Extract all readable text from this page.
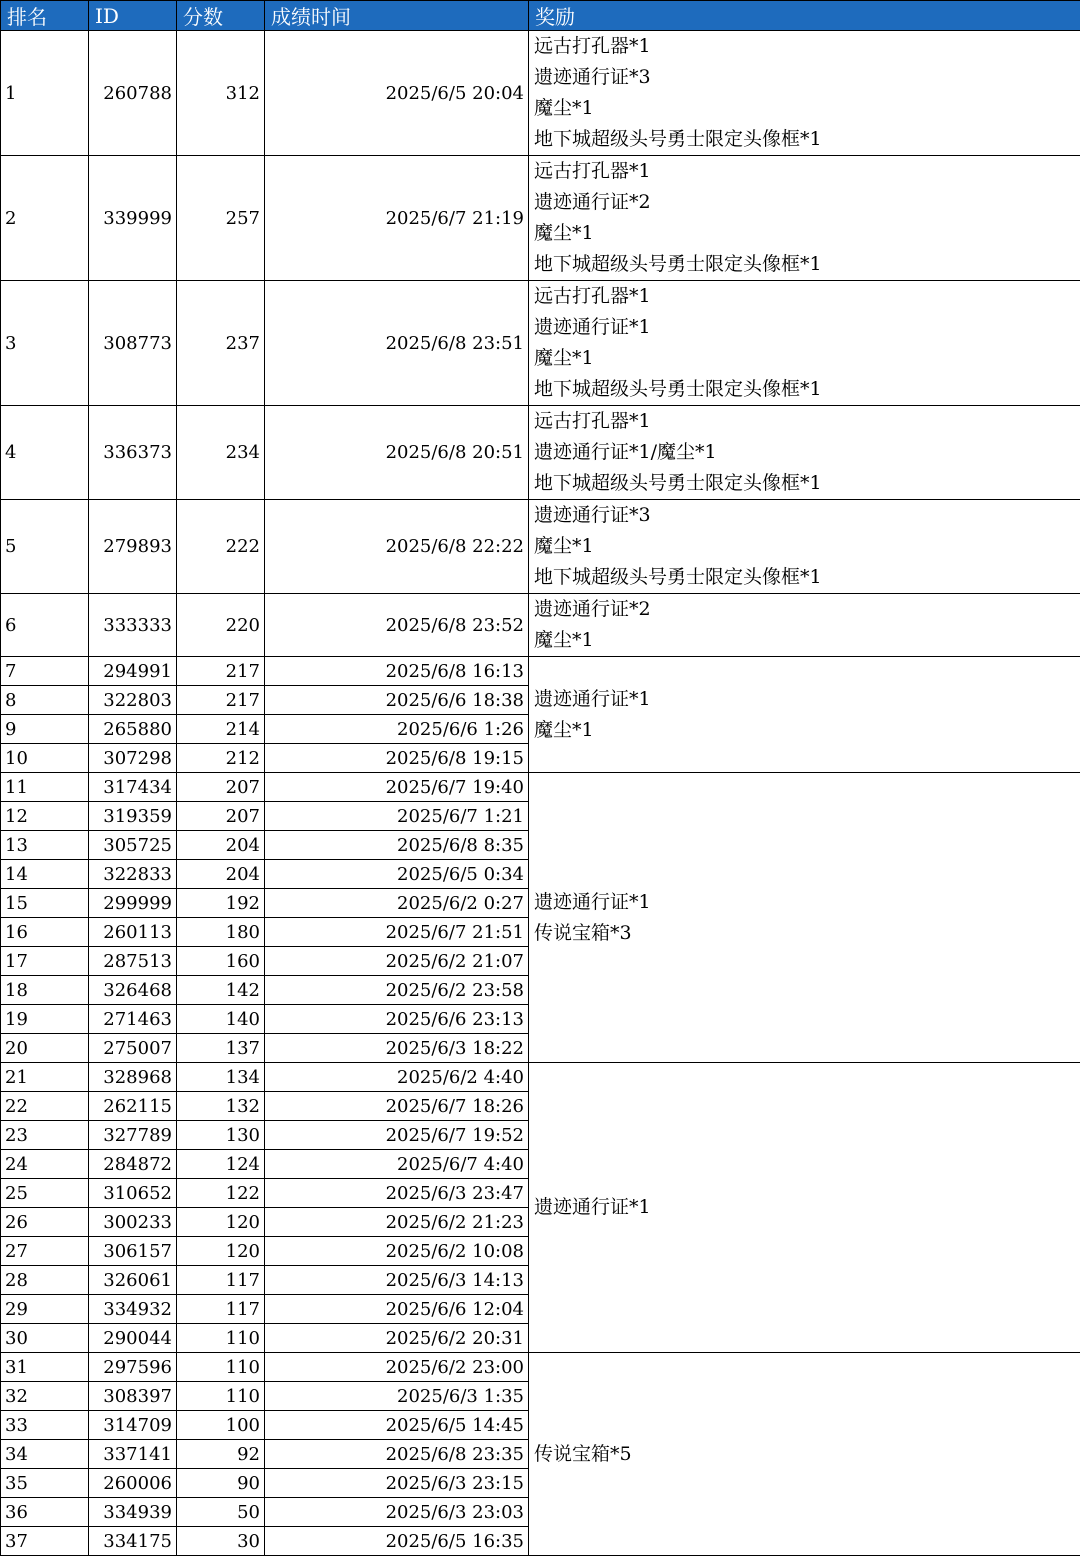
排名	ID	分数	成绩时间	奖励
1	260788	312	2025/6/5 20:04	远古打孔器*1
遗迹通行证*3
魔尘*1
地下城超级头号勇士限定头像框*1

2	339999	257	2025/6/7 21:19	远古打孔器*1
遗迹通行证*2
魔尘*1
地下城超级头号勇士限定头像框*1

3	308773	237	2025/6/8 23:51	远古打孔器*1
遗迹通行证*1
魔尘*1
地下城超级头号勇士限定头像框*1

4	336373	234	2025/6/8 20:51	远古打孔器*1
遗迹通行证*1/魔尘*1
地下城超级头号勇士限定头像框*1

5	279893	222	2025/6/8 22:22	遗迹通行证*3
魔尘*1
地下城超级头号勇士限定头像框*1

6	333333	220	2025/6/8 23:52	遗迹通行证*2
魔尘*1

7	294991	217	2025/6/8 16:13	遗迹通行证*1
魔尘*1

8	322803	217	2025/6/6 18:38	
9	265880	214	2025/6/6 1:26	
10	307298	212	2025/6/8 19:15	
11	317434	207	2025/6/7 19:40	遗迹通行证*1
传说宝箱*3

12	319359	207	2025/6/7 1:21	
13	305725	204	2025/6/8 8:35	
14	322833	204	2025/6/5 0:34	
15	299999	192	2025/6/2 0:27	
16	260113	180	2025/6/7 21:51	
17	287513	160	2025/6/2 21:07	
18	326468	142	2025/6/2 23:58	
19	271463	140	2025/6/6 23:13	
20	275007	137	2025/6/3 18:22	
21	328968	134	2025/6/2 4:40	遗迹通行证*1

22	262115	132	2025/6/7 18:26	
23	327789	130	2025/6/7 19:52	
24	284872	124	2025/6/7 4:40	
25	310652	122	2025/6/3 23:47	
26	300233	120	2025/6/2 21:23	
27	306157	120	2025/6/2 10:08	
28	326061	117	2025/6/3 14:13	
29	334932	117	2025/6/6 12:04	
30	290044	110	2025/6/2 20:31	
31	297596	110	2025/6/2 23:00	传说宝箱*5

32	308397	110	2025/6/3 1:35	
33	314709	100	2025/6/5 14:45	
34	337141	92	2025/6/8 23:35	
35	260006	90	2025/6/3 23:15	
36	334939	50	2025/6/3 23:03	
37	334175	30	2025/6/5 16:35	
